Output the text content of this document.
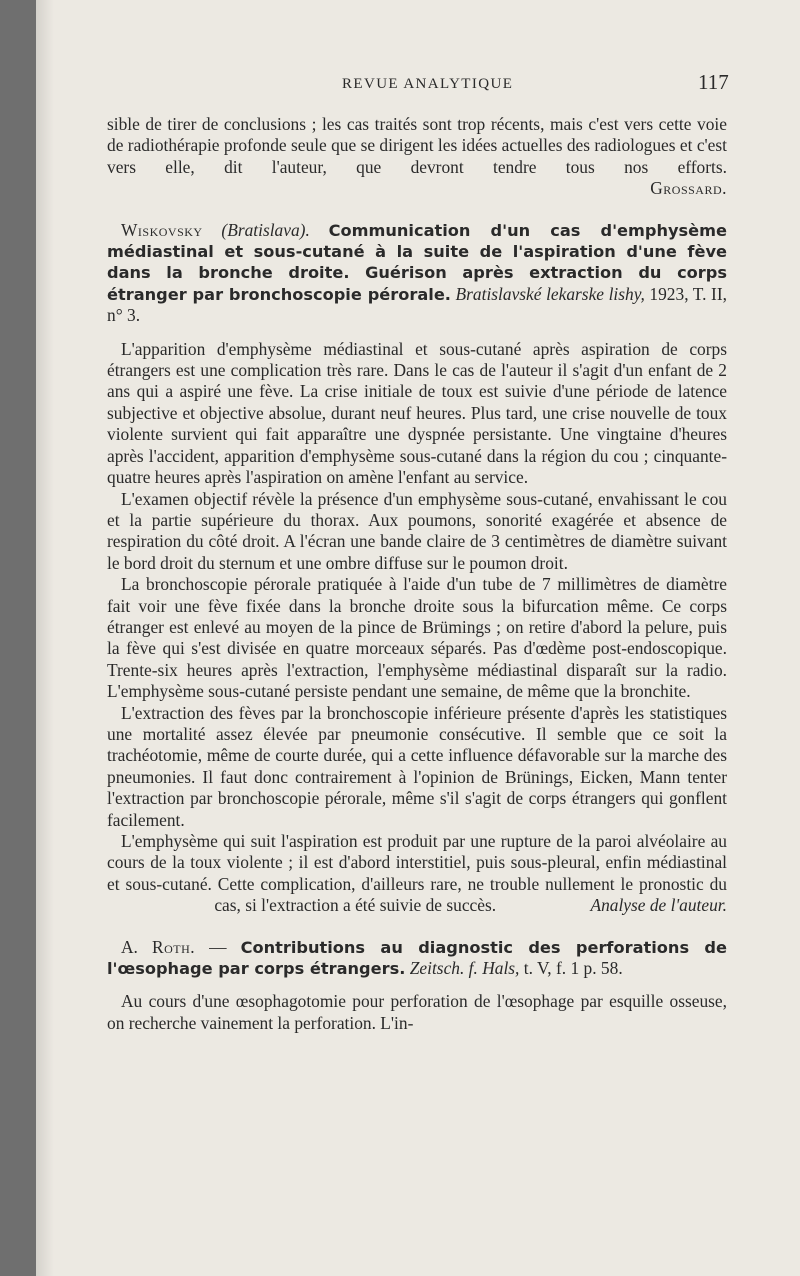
REVUE ANALYTIQUE	117

sible de tirer de conclusions ; les cas traités sont trop récents, mais c'est vers cette voie de radiothérapie profonde seule que se dirigent les idées actuelles des radiologues et c'est vers elle, dit l'auteur, que devront tendre tous nos efforts. Grossard.

Wiskovsky (Bratislava). Communication d'un cas d'emphysème médiastinal et sous-cutané à la suite de l'aspiration d'une fève dans la bronche droite. Guérison après extraction du corps étranger par bronchoscopie pérorale. Bratislavské lekarske lishy, 1923, T. II, n° 3.

L'apparition d'emphysème médiastinal et sous-cutané après aspiration de corps étrangers est une complication très rare. Dans le cas de l'auteur il s'agit d'un enfant de 2 ans qui a aspiré une fève. La crise initiale de toux est suivie d'une période de latence subjective et objective absolue, durant neuf heures. Plus tard, une crise nouvelle de toux violente survient qui fait apparaître une dyspnée persistante. Une vingtaine d'heures après l'accident, apparition d'emphysème sous-cutané dans la région du cou ; cinquante-quatre heures après l'aspiration on amène l'enfant au service.

L'examen objectif révèle la présence d'un emphysème sous-cutané, envahissant le cou et la partie supérieure du thorax. Aux poumons, sonorité exagérée et absence de respiration du côté droit. A l'écran une bande claire de 3 centimètres de diamètre suivant le bord droit du sternum et une ombre diffuse sur le poumon droit.

La bronchoscopie pérorale pratiquée à l'aide d'un tube de 7 millimètres de diamètre fait voir une fève fixée dans la bronche droite sous la bifurcation même. Ce corps étranger est enlevé au moyen de la pince de Brümings ; on retire d'abord la pelure, puis la fève qui s'est divisée en quatre morceaux séparés. Pas d'œdème post-endoscopique. Trente-six heures après l'extraction, l'emphysème médiastinal disparaît sur la radio. L'emphysème sous-cutané persiste pendant une semaine, de même que la bronchite.

L'extraction des fèves par la bronchoscopie inférieure présente d'après les statistiques une mortalité assez élevée par pneumonie consécutive. Il semble que ce soit la trachéotomie, même de courte durée, qui a cette influence défavorable sur la marche des pneumonies. Il faut donc contrairement à l'opinion de Brünings, Eicken, Mann tenter l'extraction par bronchoscopie pérorale, même s'il s'agit de corps étrangers qui gonflent facilement.

L'emphysème qui suit l'aspiration est produit par une rupture de la paroi alvéolaire au cours de la toux violente ; il est d'abord interstitiel, puis sous-pleural, enfin médiastinal et sous-cutané. Cette complication, d'ailleurs rare, ne trouble nullement le pronostic du cas, si l'extraction a été suivie de succès.	Analyse de l'auteur.

A. Roth. — Contributions au diagnostic des perforations de l'œsophage par corps étrangers. Zeitsch. f. Hals, t. V, f. 1 p. 58.

Au cours d'une œsophagotomie pour perforation de l'œsophage par esquille osseuse, on recherche vainement la perforation. L'in-
